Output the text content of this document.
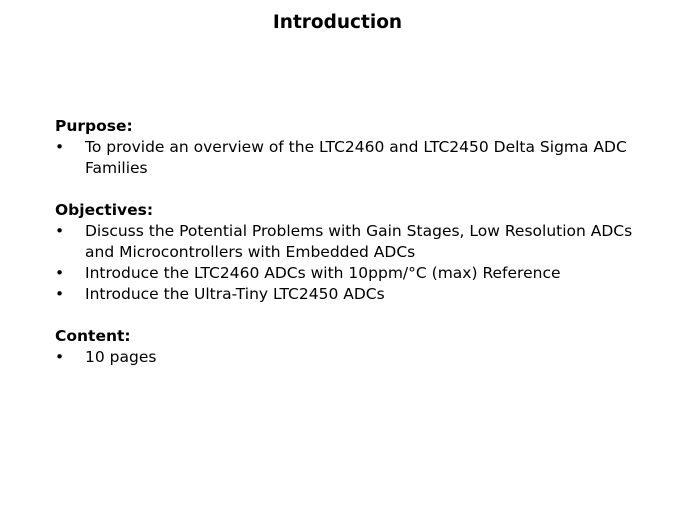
Introduction
Purpose:
• To provide an overview of the LTC2460 and LTC2450 Delta Sigma ADC Families
Objectives:
• Discuss the Potential Problems with Gain Stages, Low Resolution ADCs and Microcontrollers with Embedded ADCs
• Introduce the LTC2460 ADCs with 10ppm/°C (max) Reference
• Introduce the Ultra-Tiny LTC2450 ADCs
Content:
• 10 pages
